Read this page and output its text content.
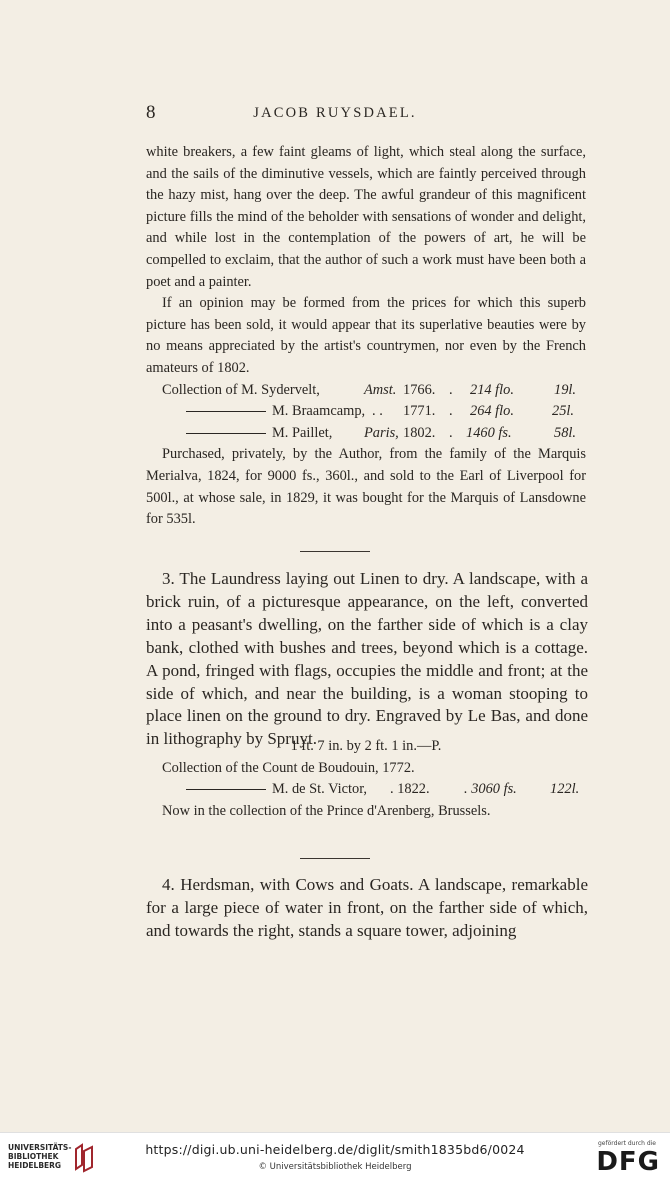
8	JACOB RUYSDAEL.

white breakers, a few faint gleams of light, which steal along the surface, and the sails of the diminutive vessels, which are faintly perceived through the hazy mist, hang over the deep. The awful grandeur of this magnificent picture fills the mind of the beholder with sensations of wonder and delight, and while lost in the contemplation of the powers of art, he will be compelled to exclaim, that the author of such a work must have been both a poet and a painter.

If an opinion may be formed from the prices for which this superb picture has been sold, it would appear that its superlative beauties were by no means appreciated by the artist's countrymen, nor even by the French amateurs of 1802.

Collection of M. Sydervelt,	Amst. 1766. . 214 flo.	19l.
M. Braamcamp, . . 1771. . 264 flo.	25l.
M. Paillet, Paris, 1802. . 1460 fs.	58l.

Purchased, privately, by the Author, from the family of the Marquis Merialva, 1824, for 9000 fs., 360l., and sold to the Earl of Liverpool for 500l., at whose sale, in 1829, it was bought for the Marquis of Lansdowne for 535l.

3. The Laundress laying out Linen to dry. A landscape, with a brick ruin, of a picturesque appearance, on the left, converted into a peasant's dwelling, on the farther side of which is a clay bank, clothed with bushes and trees, beyond which is a cottage. A pond, fringed with flags, occupies the middle and front; at the side of which, and near the building, is a woman stooping to place linen on the ground to dry. Engraved by Le Bas, and done in lithography by Spruyt.

1 ft. 7 in. by 2 ft. 1 in.—P.

Collection of the Count de Boudouin, 1772.

M. de St. Victor, . 1822. . 3060 fs. 122l.

Now in the collection of the Prince d'Arenberg, Brussels.

4. Herdsman, with Cows and Goats. A landscape, remarkable for a large piece of water in front, on the farther side of which, and towards the right, stands a square tower, adjoining

UNIVERSITÄTS-
BIBLIOTHEK
HEIDELBERG
https://digi.ub.uni-heidelberg.de/diglit/smith1835bd6/0024
© Universitätsbibliothek Heidelberg
gefördert durch die
DFG
